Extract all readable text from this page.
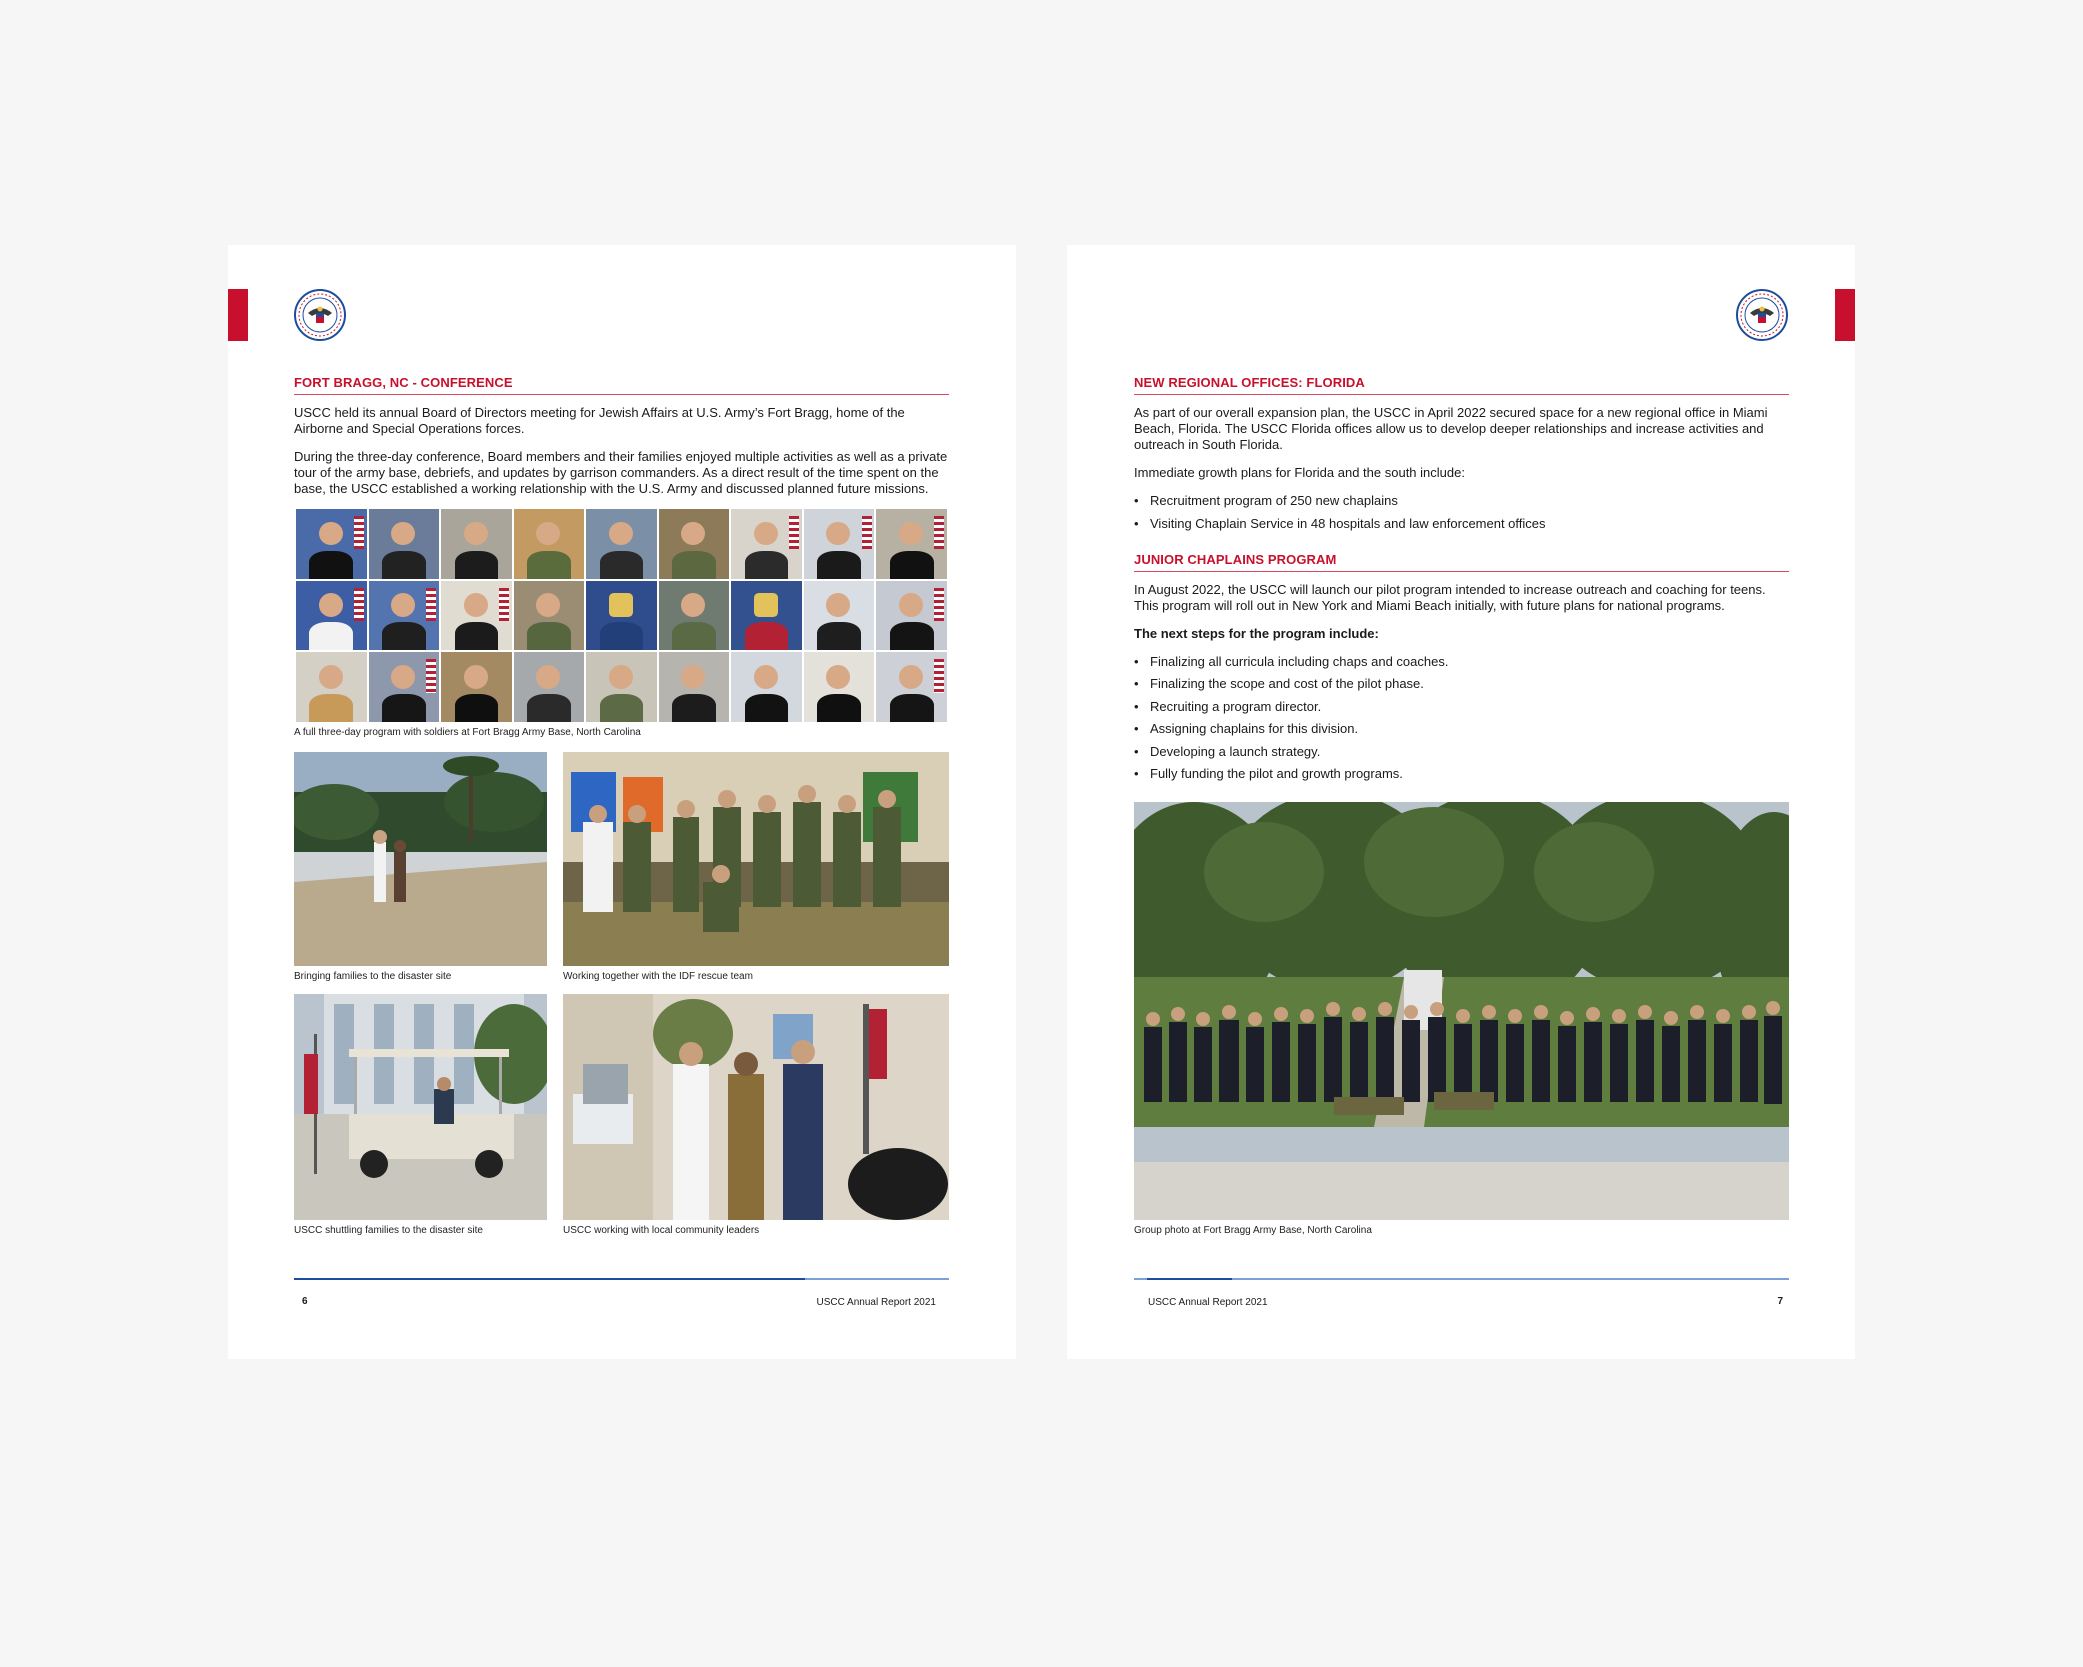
FORT BRAGG, NC - CONFERENCE

USCC held its annual Board of Directors meeting for Jewish Affairs at U.S. Army’s Fort Bragg, home of the Airborne and Special Operations forces.

During the three-day conference, Board members and their families enjoyed multiple activities as well as a private tour of the army base, debriefs, and updates by garrison commanders. As a direct result of the time spent on the base, the USCC established a working relationship with the U.S. Army and discussed planned future missions.

A full three-day program with soldiers at Fort Bragg Army Base, North Carolina
Bringing families to the disaster site	Working together with the IDF rescue team
USCC shuttling families to the disaster site	USCC working with local community leaders
6	USCC Annual Report 2021
NEW REGIONAL OFFICES: FLORIDA

As part of our overall expansion plan, the USCC in April 2022 secured space for a new regional office in Miami Beach, Florida. The USCC Florida offices allow us to develop deeper relationships and increase activities and outreach in South Florida.

Immediate growth plans for Florida and the south include:

• Recruitment program of 250 new chaplains
• Visiting Chaplain Service in 48 hospitals and law enforcement offices
JUNIOR CHAPLAINS PROGRAM

In August 2022, the USCC will launch our pilot program intended to increase outreach and coaching for teens. This program will roll out in New York and Miami Beach initially, with future plans for national programs.

The next steps for the program include:

• Finalizing all curricula including chaps and coaches.
• Finalizing the scope and cost of the pilot phase.
• Recruiting a program director.
• Assigning chaplains for this division.
• Developing a launch strategy.
• Fully funding the pilot and growth programs.
Group photo at Fort Bragg Army Base, North Carolina
USCC Annual Report 2021	7
